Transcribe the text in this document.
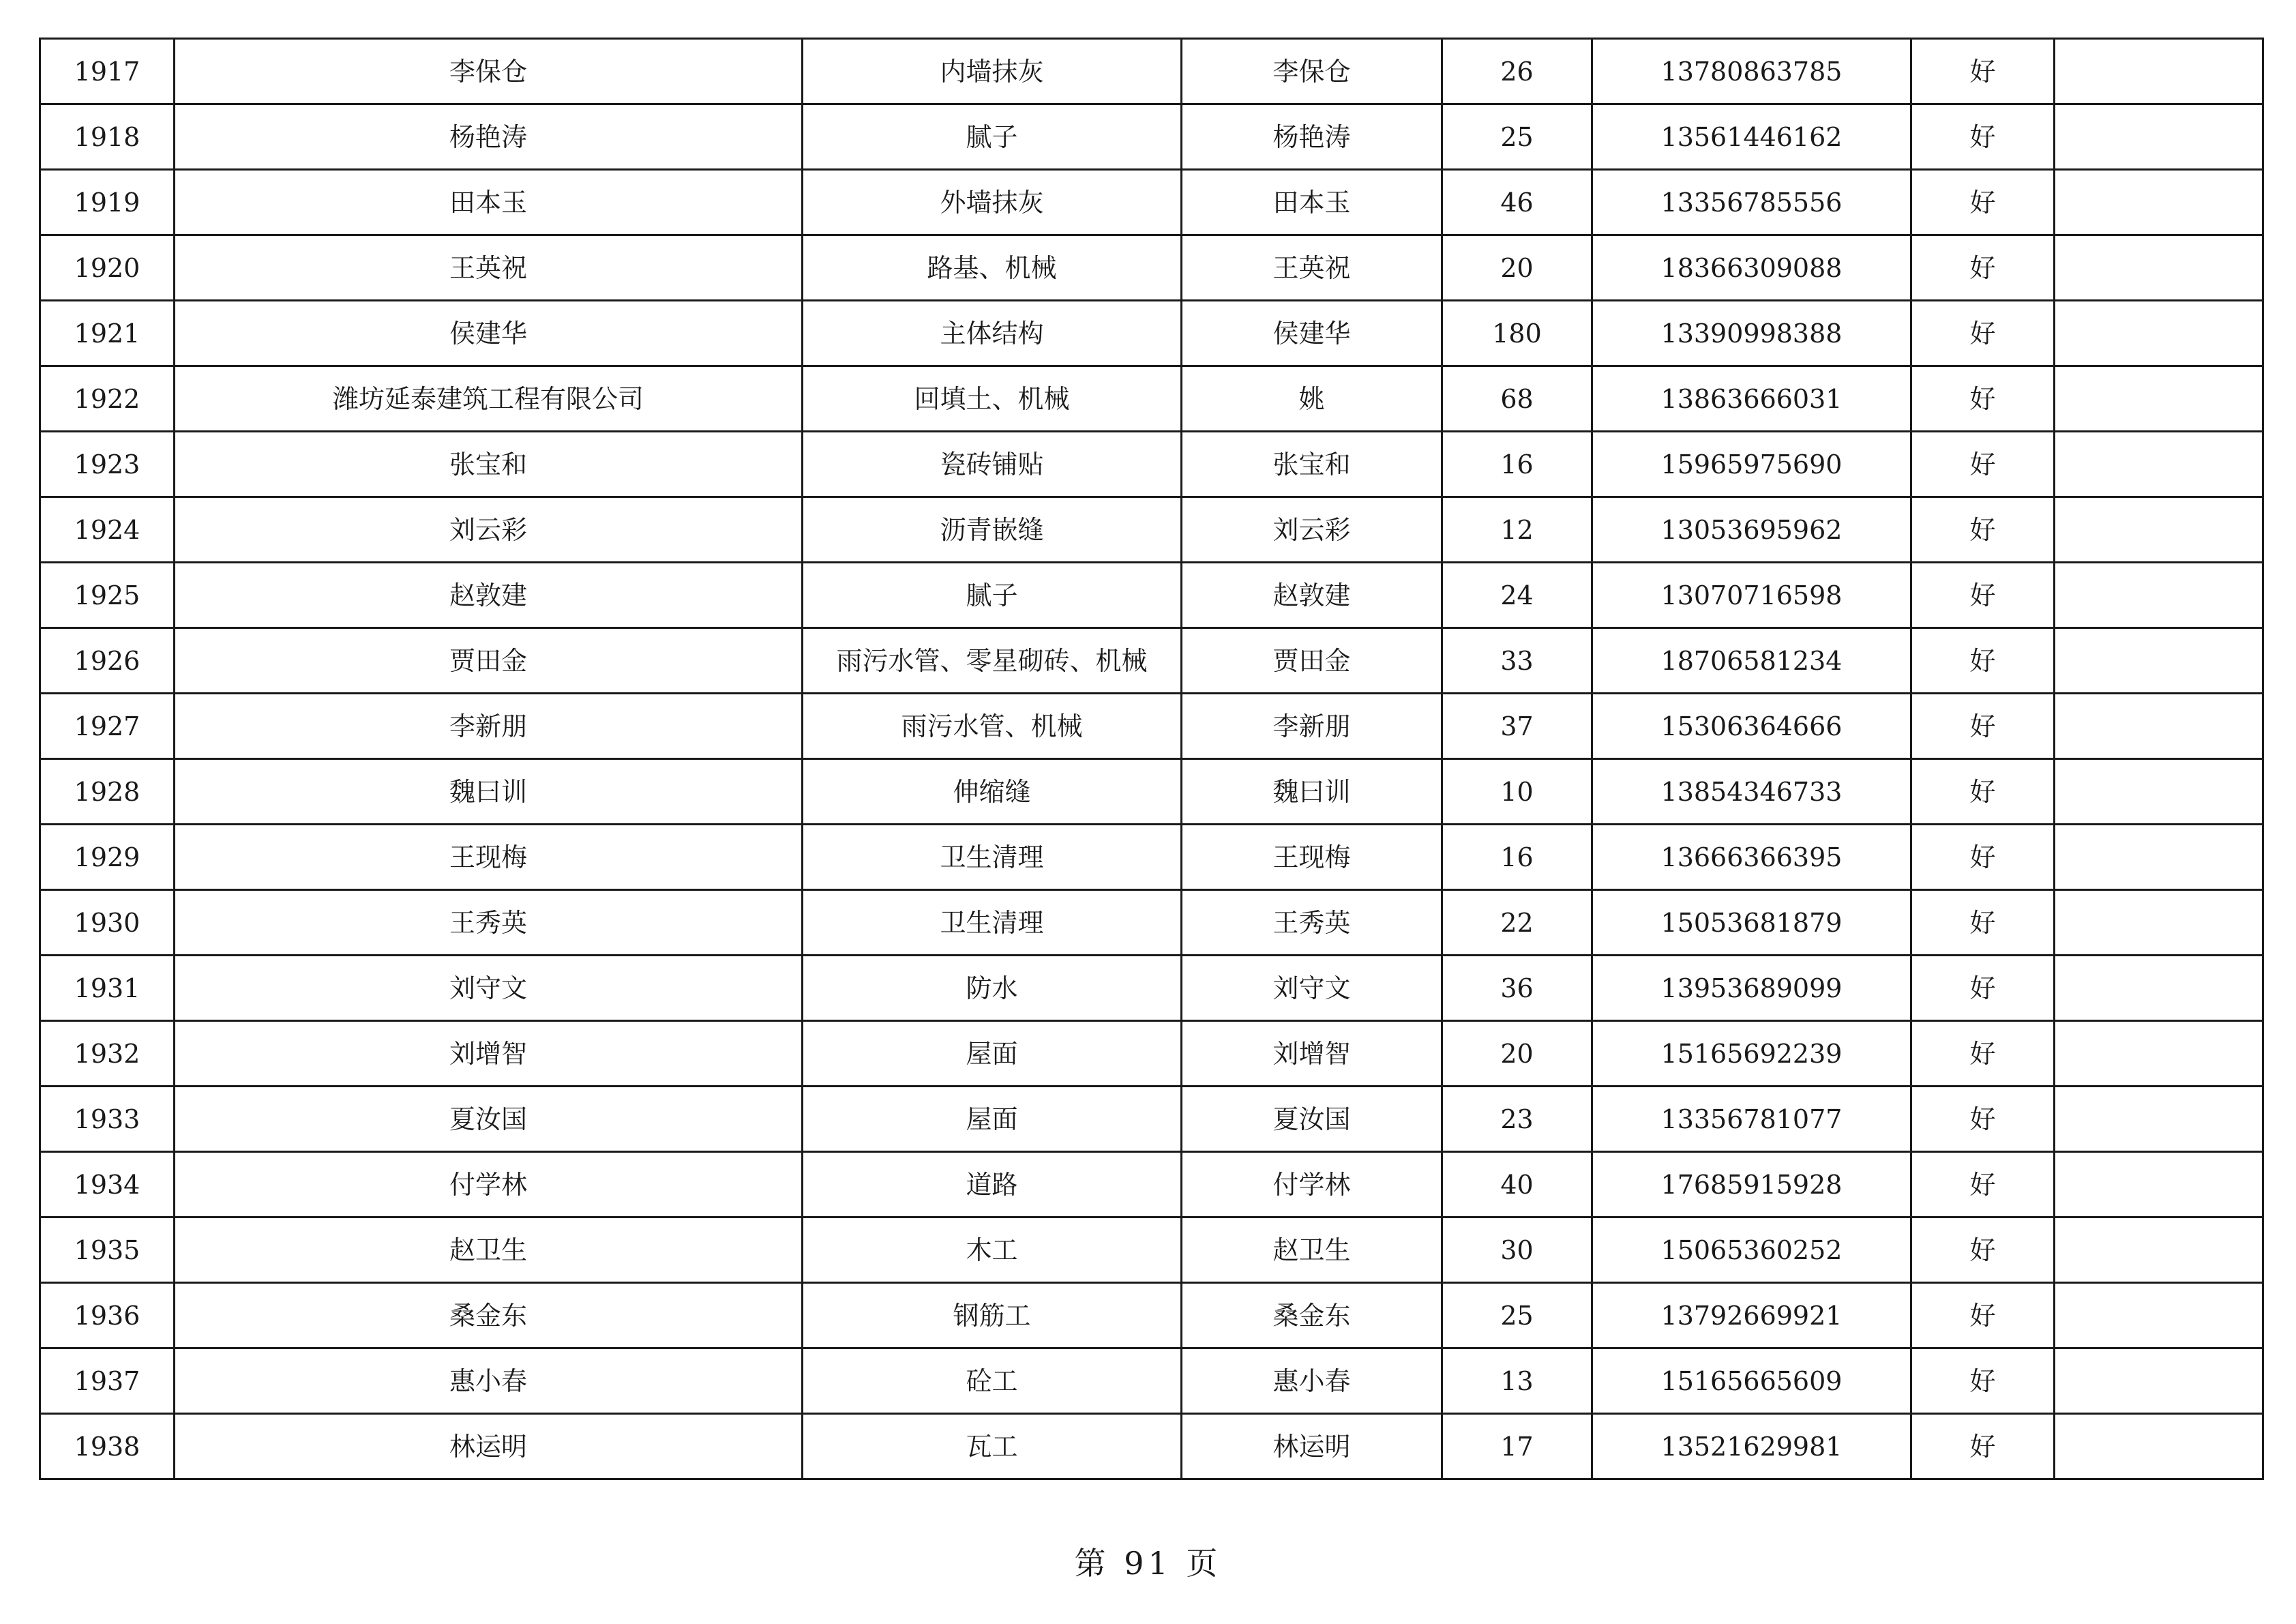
1917	李保仓	内墙抹灰	李保仓	26	13780863785	好	
1918	杨艳涛	腻子	杨艳涛	25	13561446162	好	
1919	田本玉	外墙抹灰	田本玉	46	13356785556	好	
1920	王英祝	路基、机械	王英祝	20	18366309088	好	
1921	侯建华	主体结构	侯建华	180	13390998388	好	
1922	潍坊延泰建筑工程有限公司	回填土、机械	姚	68	13863666031	好	
1923	张宝和	瓷砖铺贴	张宝和	16	15965975690	好	
1924	刘云彩	沥青嵌缝	刘云彩	12	13053695962	好	
1925	赵敦建	腻子	赵敦建	24	13070716598	好	
1926	贾田金	雨污水管、零星砌砖、机械	贾田金	33	18706581234	好	
1927	李新朋	雨污水管、机械	李新朋	37	15306364666	好	
1928	魏曰训	伸缩缝	魏曰训	10	13854346733	好	
1929	王现梅	卫生清理	王现梅	16	13666366395	好	
1930	王秀英	卫生清理	王秀英	22	15053681879	好	
1931	刘守文	防水	刘守文	36	13953689099	好	
1932	刘增智	屋面	刘增智	20	15165692239	好	
1933	夏汝国	屋面	夏汝国	23	13356781077	好	
1934	付学林	道路	付学林	40	17685915928	好	
1935	赵卫生	木工	赵卫生	30	15065360252	好	
1936	桑金东	钢筋工	桑金东	25	13792669921	好	
1937	惠小春	砼工	惠小春	13	15165665609	好	
1938	林运明	瓦工	林运明	17	13521629981	好	
第 91 页
